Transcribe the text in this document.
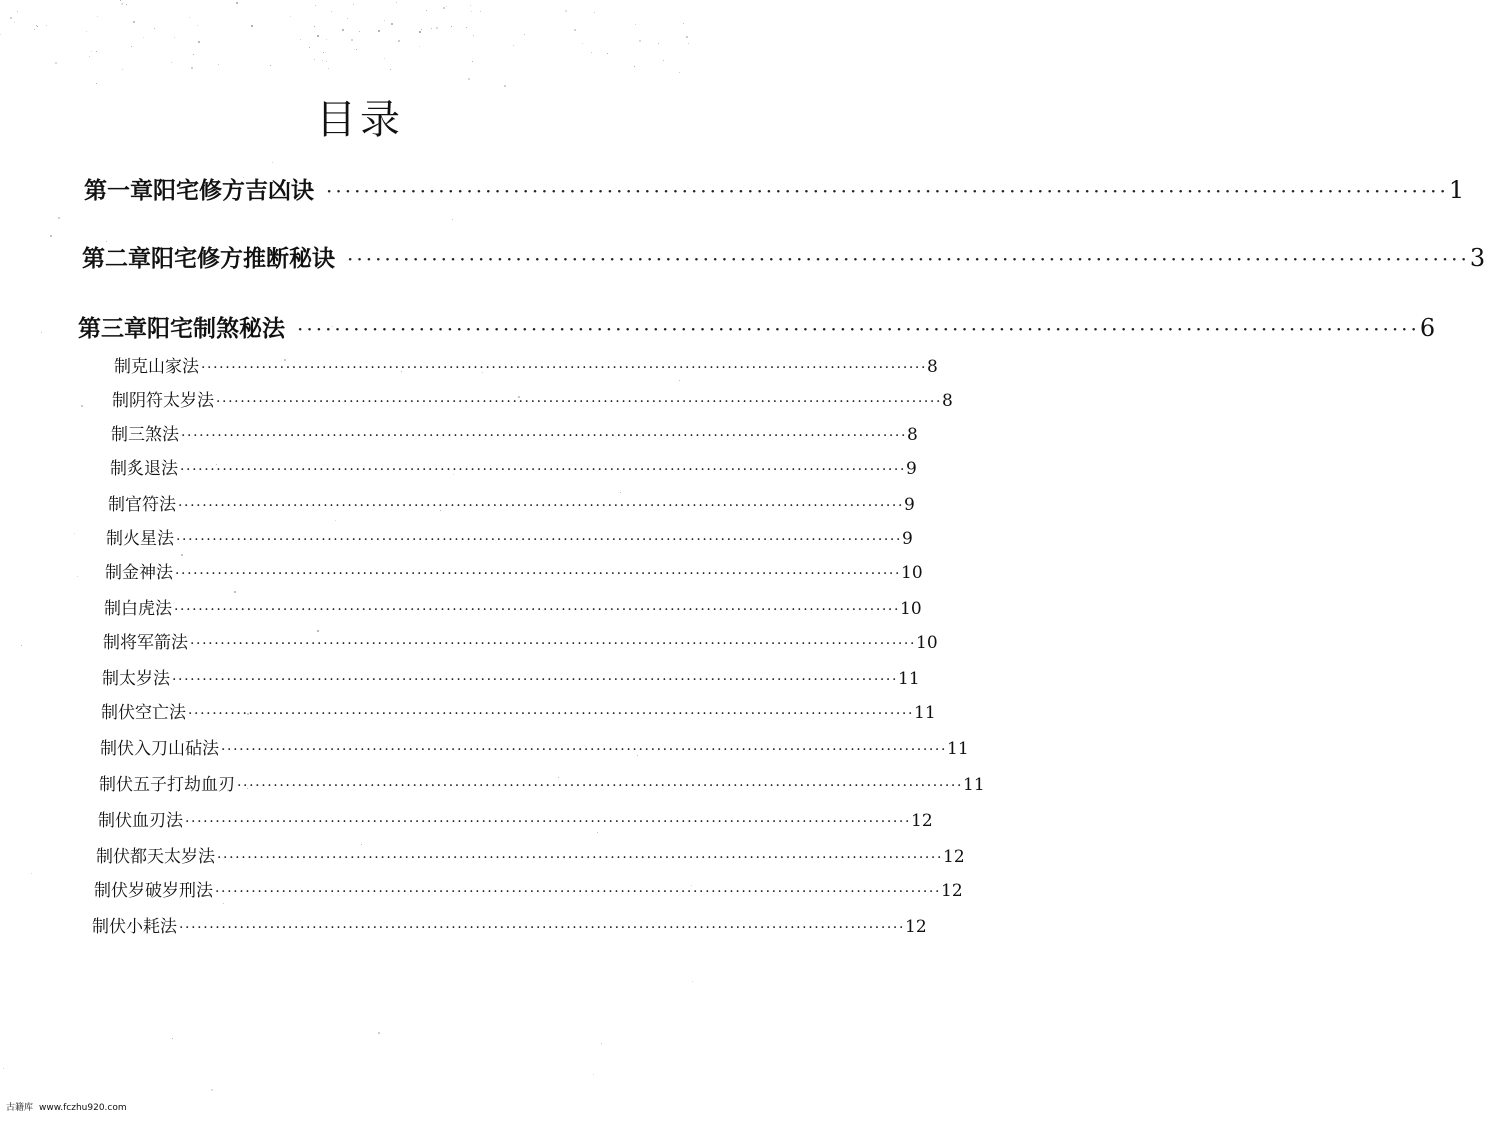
目录
第一章 阳宅修方吉凶诀 ························································································································ 1
第二章 阳宅修方推断秘诀 ························································································································ 3
第三章 阳宅制煞秘法 ························································································································ 6
制克山家法 ························································································································ 8
制阴符太岁法 ························································································································ 8
制三煞法 ························································································································ 8
制炙退法 ························································································································ 9
制官符法 ························································································································ 9
制火星法 ························································································································ 9
制金神法 ························································································································ 10
制白虎法 ························································································································ 10
制将军箭法 ························································································································ 10
制太岁法 ························································································································ 11
制伏空亡法 ························································································································ 11
制伏入刀山砧法 ························································································································ 11
制伏五子打劫血刃 ························································································································ 11
制伏血刃法 ························································································································ 12
制伏都天太岁法 ························································································································ 12
制伏岁破岁刑法 ························································································································ 12
制伏小耗法 ························································································································ 12
古籍库 www.fczhu920.com
